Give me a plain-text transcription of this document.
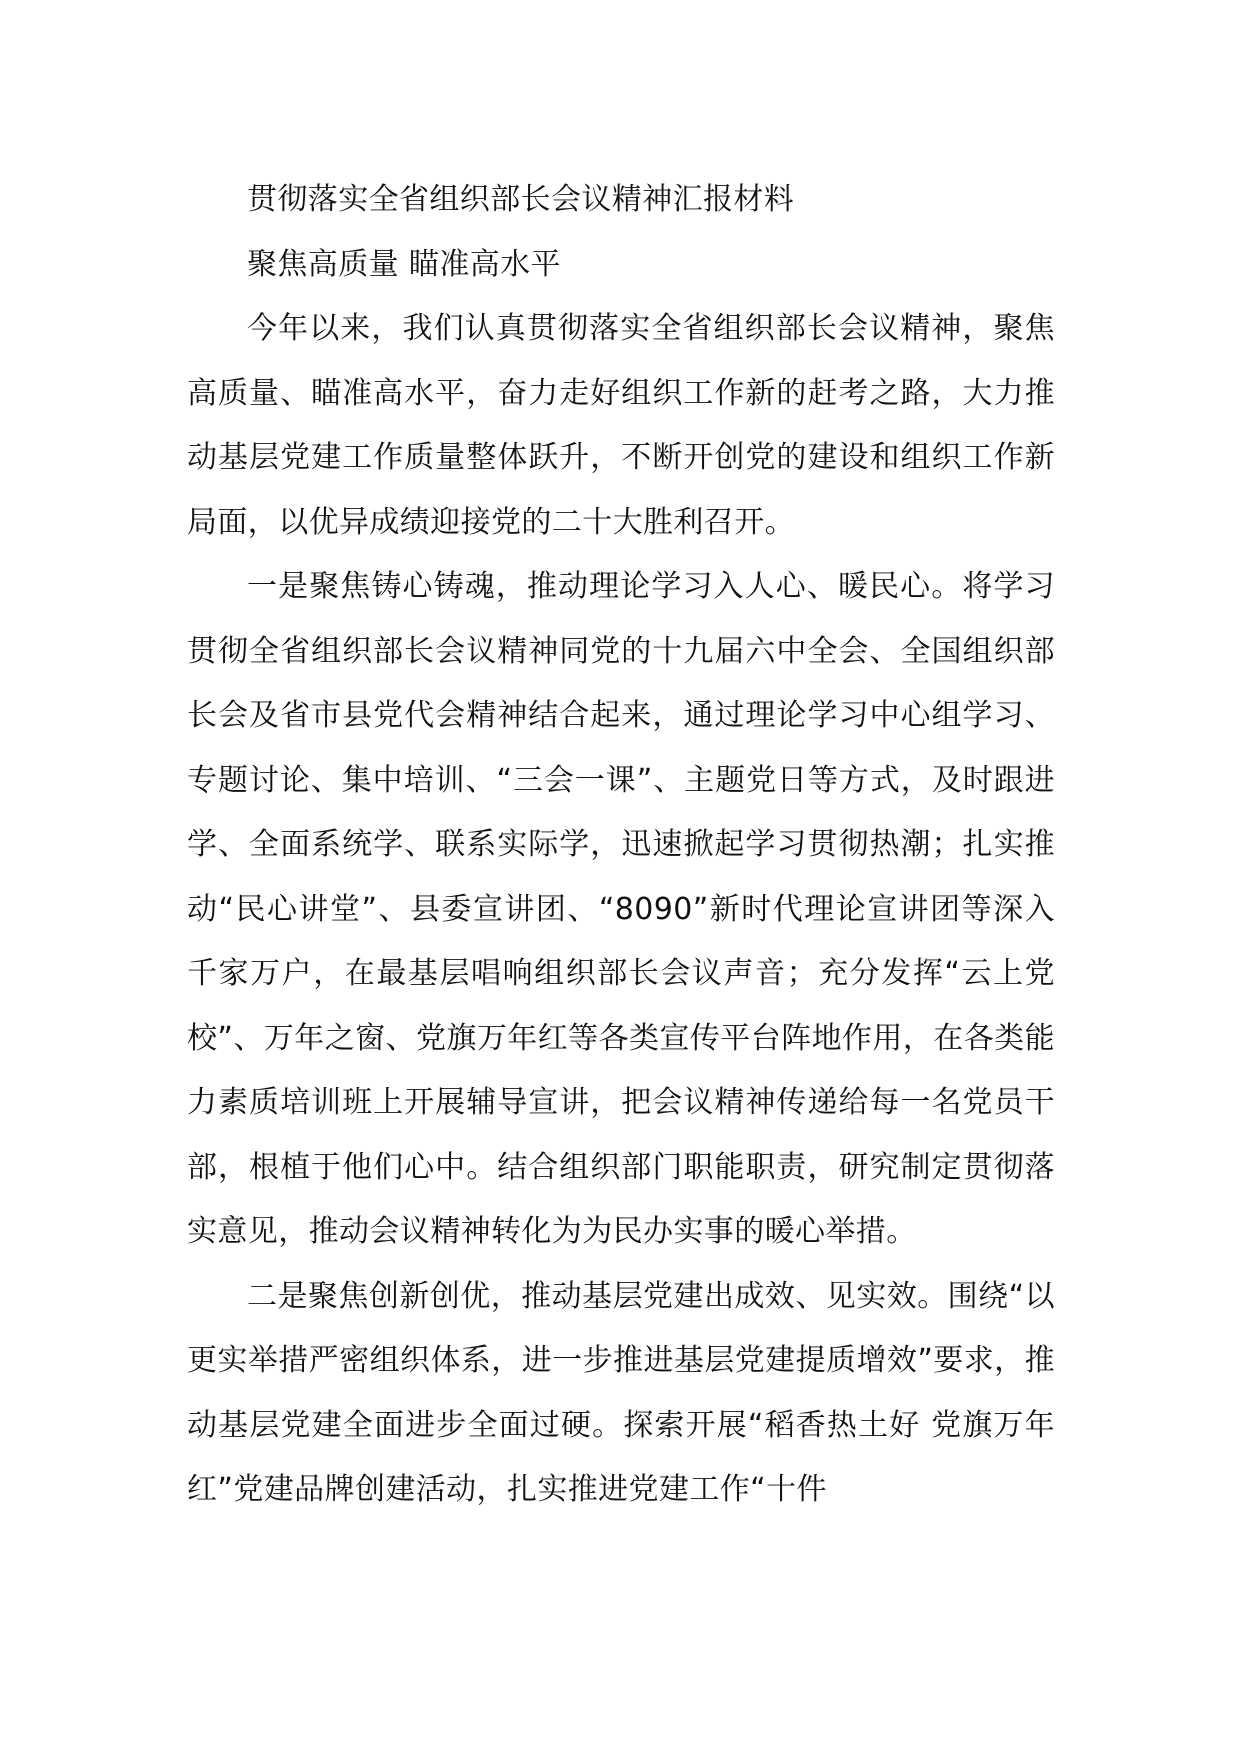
贯彻落实全省组织部长会议精神汇报材料

聚焦高质量 瞄准高水平

今年以来，我们认真贯彻落实全省组织部长会议精神，聚焦高质量、瞄准高水平，奋力走好组织工作新的赶考之路，大力推动基层党建工作质量整体跃升，不断开创党的建设和组织工作新局面，以优异成绩迎接党的二十大胜利召开。

一是聚焦铸心铸魂，推动理论学习入人心、暖民心。将学习贯彻全省组织部长会议精神同党的十九届六中全会、全国组织部长会及省市县党代会精神结合起来，通过理论学习中心组学习、专题讨论、集中培训、“三会一课”、主题党日等方式，及时跟进学、全面系统学、联系实际学，迅速掀起学习贯彻热潮；扎实推动“民心讲堂”、县委宣讲团、“8090”新时代理论宣讲团等深入千家万户，在最基层唱响组织部长会议声音；充分发挥“云上党校”、万年之窗、党旗万年红等各类宣传平台阵地作用，在各类能力素质培训班上开展辅导宣讲，把会议精神传递给每一名党员干部，根植于他们心中。结合组织部门职能职责，研究制定贯彻落实意见，推动会议精神转化为为民办实事的暖心举措。

二是聚焦创新创优，推动基层党建出成效、见实效。围绕“以更实举措严密组织体系，进一步推进基层党建提质增效”要求，推动基层党建全面进步全面过硬。探索开展“稻香热土好 党旗万年红”党建品牌创建活动，扎实推进党建工作“十件
